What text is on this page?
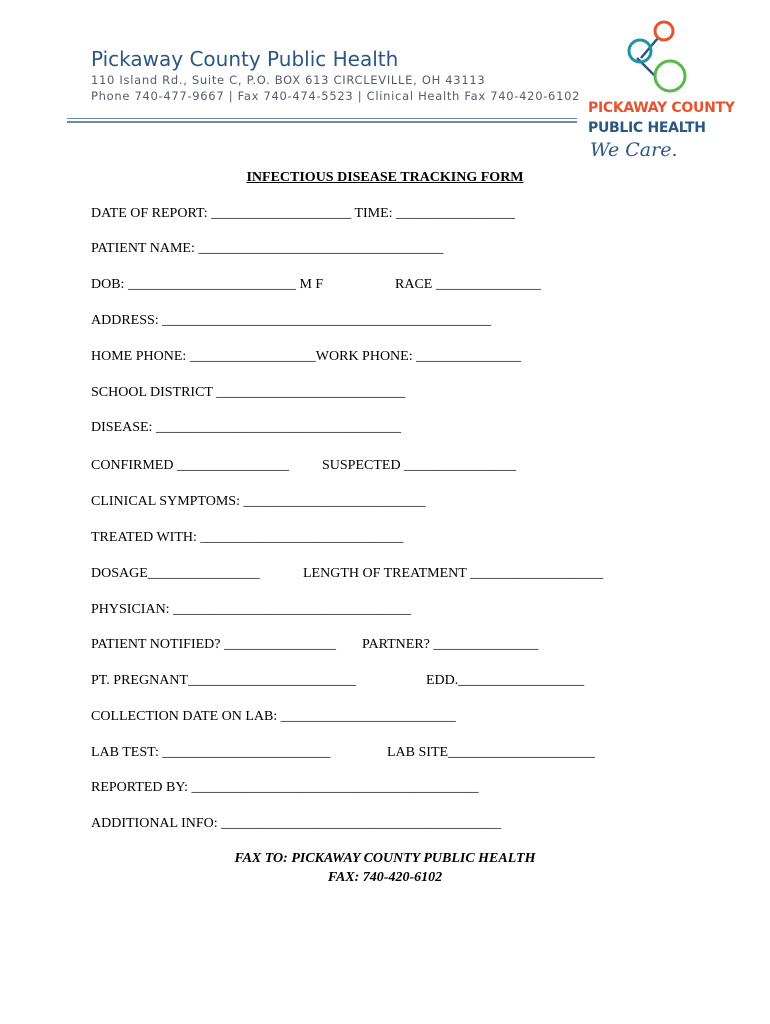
Pickaway County Public Health
110 Island Rd., Suite C, P.O. BOX 613 CIRCLEVILLE, OH 43113
Phone 740-477-9667 | Fax 740-474-5523 | Clinical Health Fax 740-420-6102
PICKAWAY COUNTY
PUBLIC HEALTH
We Care.
INFECTIOUS DISEASE TRACKING FORM
DATE OF REPORT: ____________________ TIME: _________________
PATIENT NAME: ___________________________________
DOB: ________________________ M F	RACE _______________
ADDRESS: _______________________________________________
HOME PHONE: __________________WORK PHONE: _______________
SCHOOL DISTRICT ___________________________
DISEASE: ___________________________________
CONFIRMED ________________ SUSPECTED ________________
CLINICAL SYMPTOMS: __________________________
TREATED WITH: _____________________________
DOSAGE________________	LENGTH OF TREATMENT ___________________
PHYSICIAN: __________________________________
PATIENT NOTIFIED? ________________ PARTNER? _______________
PT. PREGNANT________________________	EDD.__________________
COLLECTION DATE ON LAB: _________________________
LAB TEST: ________________________	LAB SITE_____________________
REPORTED BY: _________________________________________
ADDITIONAL INFO: ________________________________________
FAX TO: PICKAWAY COUNTY PUBLIC HEALTH
FAX: 740-420-6102
